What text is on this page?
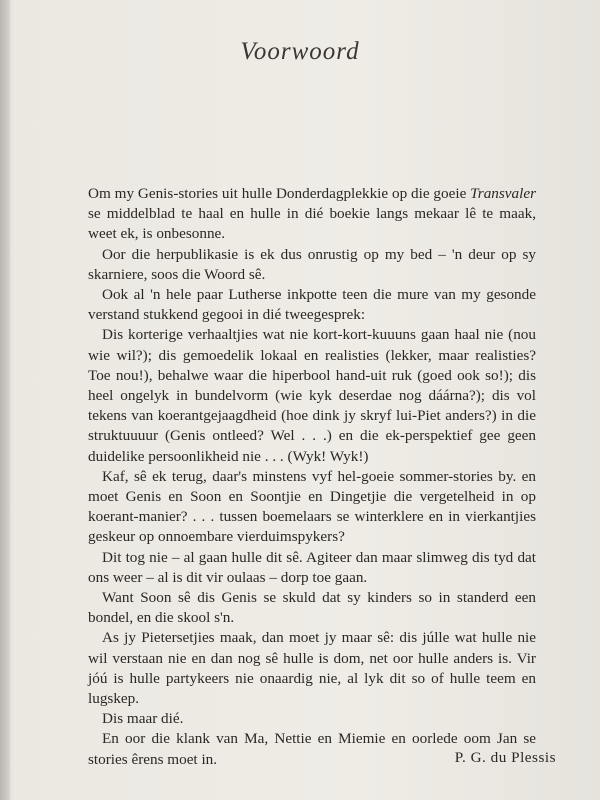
Voorwoord

Om my Genis-stories uit hulle Donderdagplekkie op die goeie Transvaler se middelblad te haal en hulle in dié boekie langs mekaar lê te maak, weet ek, is onbesonne.

Oor die herpublikasie is ek dus onrustig op my bed – 'n deur op sy skarniere, soos die Woord sê.

Ook al 'n hele paar Lutherse inkpotte teen die mure van my gesonde verstand stukkend gegooi in dié tweegesprek:

Dis korterige verhaaltjies wat nie kort-kort-kuuuns gaan haal nie (nou wie wil?); dis gemoedelik lokaal en realisties (lekker, maar realisties? Toe nou!), behalwe waar die hiperbool hand-uit ruk (goed ook so!); dis heel ongelyk in bundelvorm (wie kyk deserdae nog dáárna?); dis vol tekens van koerantgejaagdheid (hoe dink jy skryf lui-Piet anders?) in die struktuuuur (Genis ontleed? Wel . . .) en die ek-perspektief gee geen duidelike persoonlikheid nie . . . (Wyk! Wyk!)

Kaf, sê ek terug, daar's minstens vyf hel-goeie sommer-stories by. en moet Genis en Soon en Soontjie en Dingetjie die vergetelheid in op koerant-manier? . . . tussen boemelaars se winterklere en in vierkantjies geskeur op onnoembare vierduimspykers?

Dit tog nie – al gaan hulle dit sê. Agiteer dan maar slimweg dis tyd dat ons weer – al is dit vir oulaas – dorp toe gaan.

Want Soon sê dis Genis se skuld dat sy kinders so in standerd een bondel, en die skool s'n.

As jy Pietersetjies maak, dan moet jy maar sê: dis júlle wat hulle nie wil verstaan nie en dan nog sê hulle is dom, net oor hulle anders is. Vir jóú is hulle partykeers nie onaardig nie, al lyk dit so of hulle teem en lugskep.

Dis maar dié.

En oor die klank van Ma, Nettie en Miemie en oorlede oom Jan se stories êrens moet in.	P. G. du Plessis
